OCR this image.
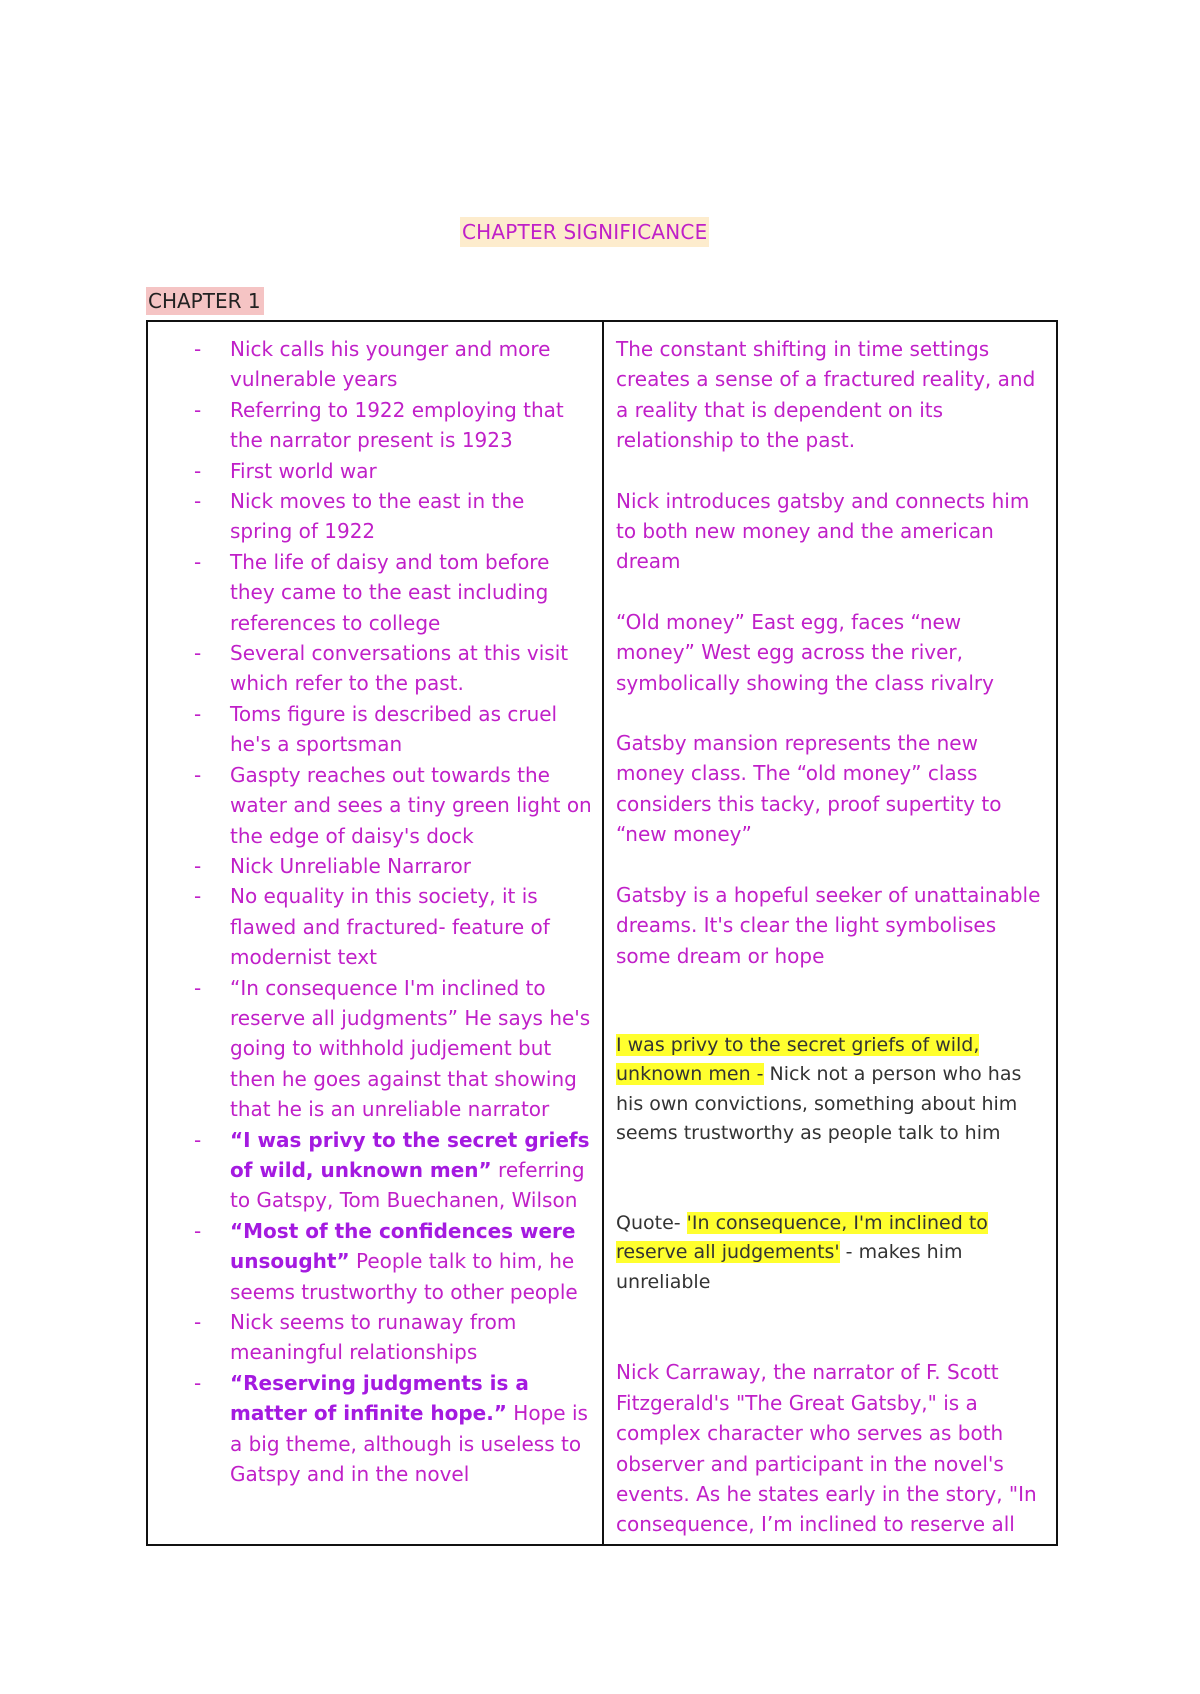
CHAPTER SIGNIFICANCE
CHAPTER 1
- Nick calls his younger and more vulnerable years
- Referring to 1922 employing that the narrator present is 1923
- First world war
- Nick moves to the east in the spring of 1922
- The life of daisy and tom before they came to the east including references to college
- Several conversations at this visit which refer to the past.
- Toms figure is described as cruel he's a sportsman
- Gaspty reaches out towards the water and sees a tiny green light on the edge of daisy's dock
- Nick Unreliable Narraror
- No equality in this society, it is flawed and fractured- feature of modernist text
- “In consequence I'm inclined to reserve all judgments” He says he's going to withhold judjement but then he goes against that showing that he is an unreliable narrator
- “I was privy to the secret griefs of wild, unknown men” referring to Gatspy, Tom Buechanen, Wilson
- “Most of the confidences were unsought” People talk to him, he seems trustworthy to other people
- Nick seems to runaway from meaningful relationships
- “Reserving judgments is a matter of infinite hope.” Hope is a big theme, although is useless to Gatspy and in the novel

The constant shifting in time settings creates a sense of a fractured reality, and a reality that is dependent on its relationship to the past.

Nick introduces gatsby and connects him to both new money and the american dream

“Old money” East egg, faces “new money” West egg across the river, symbolically showing the class rivalry

Gatsby mansion represents the new money class. The “old money” class considers this tacky, proof supertity to “new money”

Gatsby is a hopeful seeker of unattainable dreams. It's clear the light symbolises some dream or hope

I was privy to the secret griefs of wild, unknown men - Nick not a person who has his own convictions, something about him seems trustworthy as people talk to him

Quote- 'In consequence, I'm inclined to reserve all judgements' - makes him unreliable

Nick Carraway, the narrator of F. Scott Fitzgerald's "The Great Gatsby," is a complex character who serves as both observer and participant in the novel's events. As he states early in the story, "In consequence, I’m inclined to reserve all
